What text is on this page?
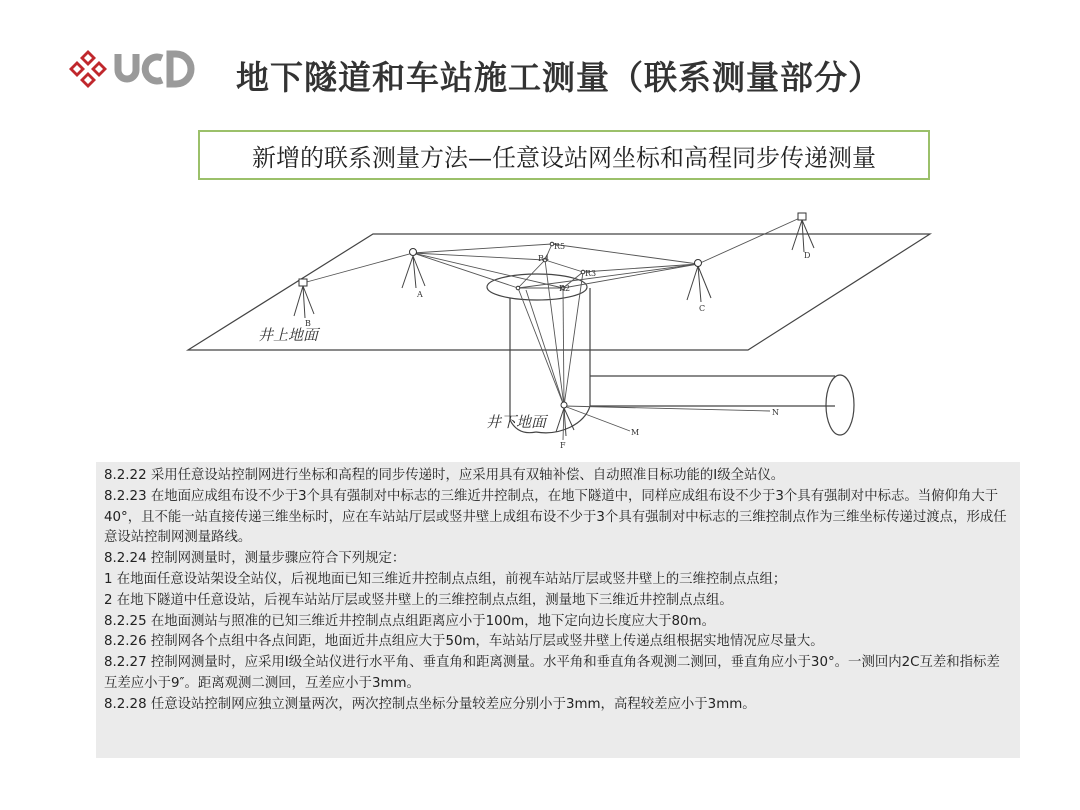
地下隧道和车站施工测量（联系测量部分）
新增的联系测量方法—任意设站网坐标和高程同步传递测量
A
B
C
D
R5
R4
R3
R2
N
M
F
井上地面
井下地面

8.2.22 采用任意设站控制网进行坐标和高程的同步传递时，应采用具有双轴补偿、自动照准目标功能的Ⅰ级全站仪。

8.2.23 在地面应成组布设不少于3个具有强制对中标志的三维近井控制点，在地下隧道中，同样应成组布设不少于3个具有强制对中标志。当俯仰角大于40°，且不能一站直接传递三维坐标时，应在车站站厅层或竖井壁上成组布设不少于3个具有强制对中标志的三维控制点作为三维坐标传递过渡点，形成任意设站控制网测量路线。

8.2.24 控制网测量时，测量步骤应符合下列规定：

1 在地面任意设站架设全站仪，后视地面已知三维近井控制点点组，前视车站站厅层或竖井壁上的三维控制点点组；

2 在地下隧道中任意设站，后视车站站厅层或竖井壁上的三维控制点点组，测量地下三维近井控制点点组。

8.2.25 在地面测站与照准的已知三维近井控制点点组距离应小于100m，地下定向边长度应大于80m。

8.2.26 控制网各个点组中各点间距，地面近井点组应大于50m，车站站厅层或竖井壁上传递点组根据实地情况应尽量大。

8.2.27 控制网测量时，应采用Ⅰ级全站仪进行水平角、垂直角和距离测量。水平角和垂直角各观测二测回，垂直角应小于30°。一测回内2C互差和指标差互差应小于9″。距离观测二测回，互差应小于3mm。

8.2.28 任意设站控制网应独立测量两次，两次控制点坐标分量较差应分别小于3mm，高程较差应小于3mm。
